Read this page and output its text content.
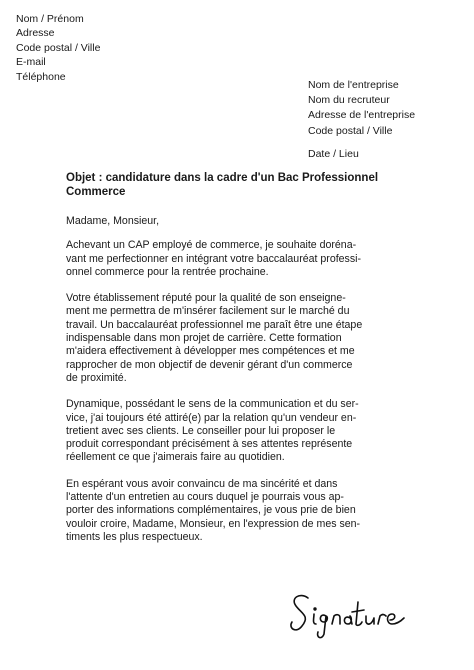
Nom / Prénom
Adresse
Code postal / Ville
E-mail
Téléphone
Nom de l'entreprise
Nom du recruteur
Adresse de l'entreprise
Code postal / Ville
Date / Lieu
Objet : candidature dans la cadre d'un Bac Professionnel
Commerce

Madame, Monsieur,

Achevant un CAP employé de commerce, je souhaite doréna-
vant me perfectionner en intégrant votre baccalauréat professi-
onnel commerce pour la rentrée prochaine.

Votre établissement réputé pour la qualité de son enseigne-
ment me permettra de m'insérer facilement sur le marché du
travail. Un baccalauréat professionnel me paraît être une étape
indispensable dans mon projet de carrière. Cette formation
m'aidera effectivement à développer mes compétences et me
rapprocher de mon objectif de devenir gérant d'un commerce
de proximité.

Dynamique, possédant le sens de la communication et du ser-
vice, j'ai toujours été attiré(e) par la relation qu'un vendeur en-
tretient avec ses clients. Le conseiller pour lui proposer le
produit correspondant précisément à ses attentes représente
réellement ce que j'aimerais faire au quotidien.

En espérant vous avoir convaincu de ma sincérité et dans
l'attente d'un entretien au cours duquel je pourrais vous ap-
porter des informations complémentaires, je vous prie de bien
vouloir croire, Madame, Monsieur, en l'expression de mes sen-
timents les plus respectueux.
